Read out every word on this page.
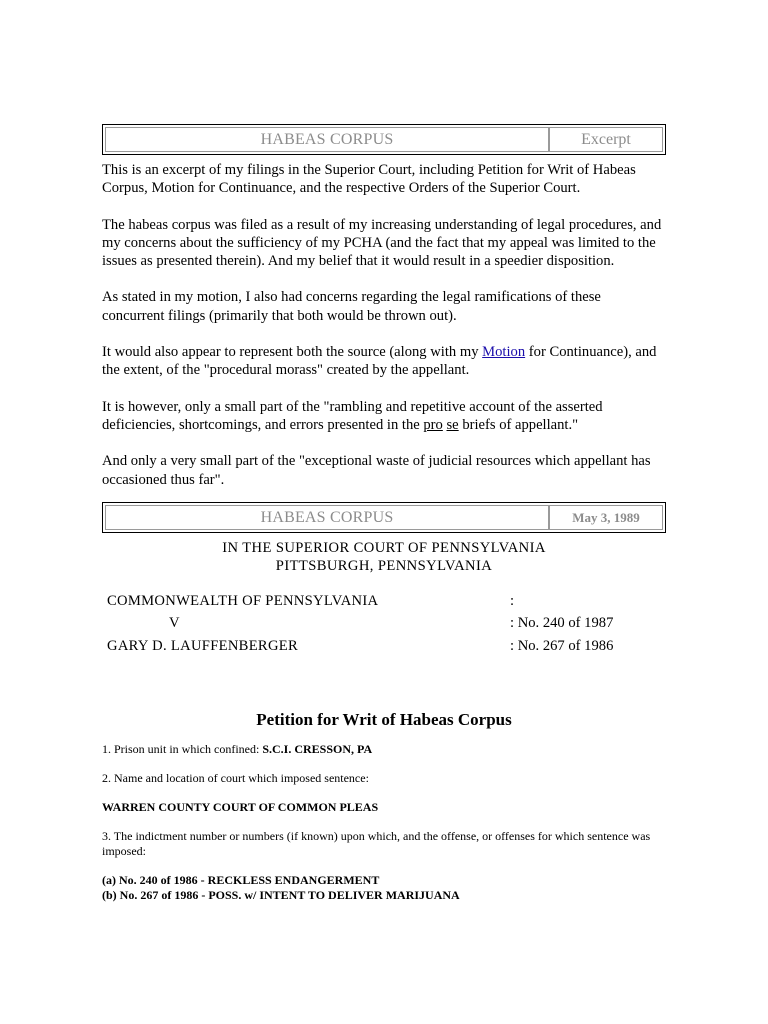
HABEAS CORPUS	Excerpt

This is an excerpt of my filings in the Superior Court, including Petition for Writ of Habeas Corpus, Motion for Continuance, and the respective Orders of the Superior Court.

The habeas corpus was filed as a result of my increasing understanding of legal procedures, and my concerns about the sufficiency of my PCHA (and the fact that my appeal was limited to the issues as presented therein). And my belief that it would result in a speedier disposition.

As stated in my motion, I also had concerns regarding the legal ramifications of these concurrent filings (primarily that both would be thrown out).

It would also appear to represent both the source (along with my Motion for Continuance), and the extent, of the "procedural morass" created by the appellant.

It is however, only a small part of the "rambling and repetitive account of the asserted deficiencies, shortcomings, and errors presented in the pro se briefs of appellant."

And only a very small part of the "exceptional waste of judicial resources which appellant has occasioned thus far".

HABEAS CORPUS	May 3, 1989
IN THE SUPERIOR COURT OF PENNSYLVANIA
PITTSBURGH, PENNSYLVANIA
COMMONWEALTH OF PENNSYLVANIA	:
V	: No. 240 of 1987
GARY D. LAUFFENBERGER	: No. 267 of 1986
Petition for Writ of Habeas Corpus

1. Prison unit in which confined: S.C.I. CRESSON, PA

2. Name and location of court which imposed sentence:

WARREN COUNTY COURT OF COMMON PLEAS

3. The indictment number or numbers (if known) upon which, and the offense, or offenses for which sentence was imposed:

(a) No. 240 of 1986 - RECKLESS ENDANGERMENT

(b) No. 267 of 1986 - POSS. w/ INTENT TO DELIVER MARIJUANA
